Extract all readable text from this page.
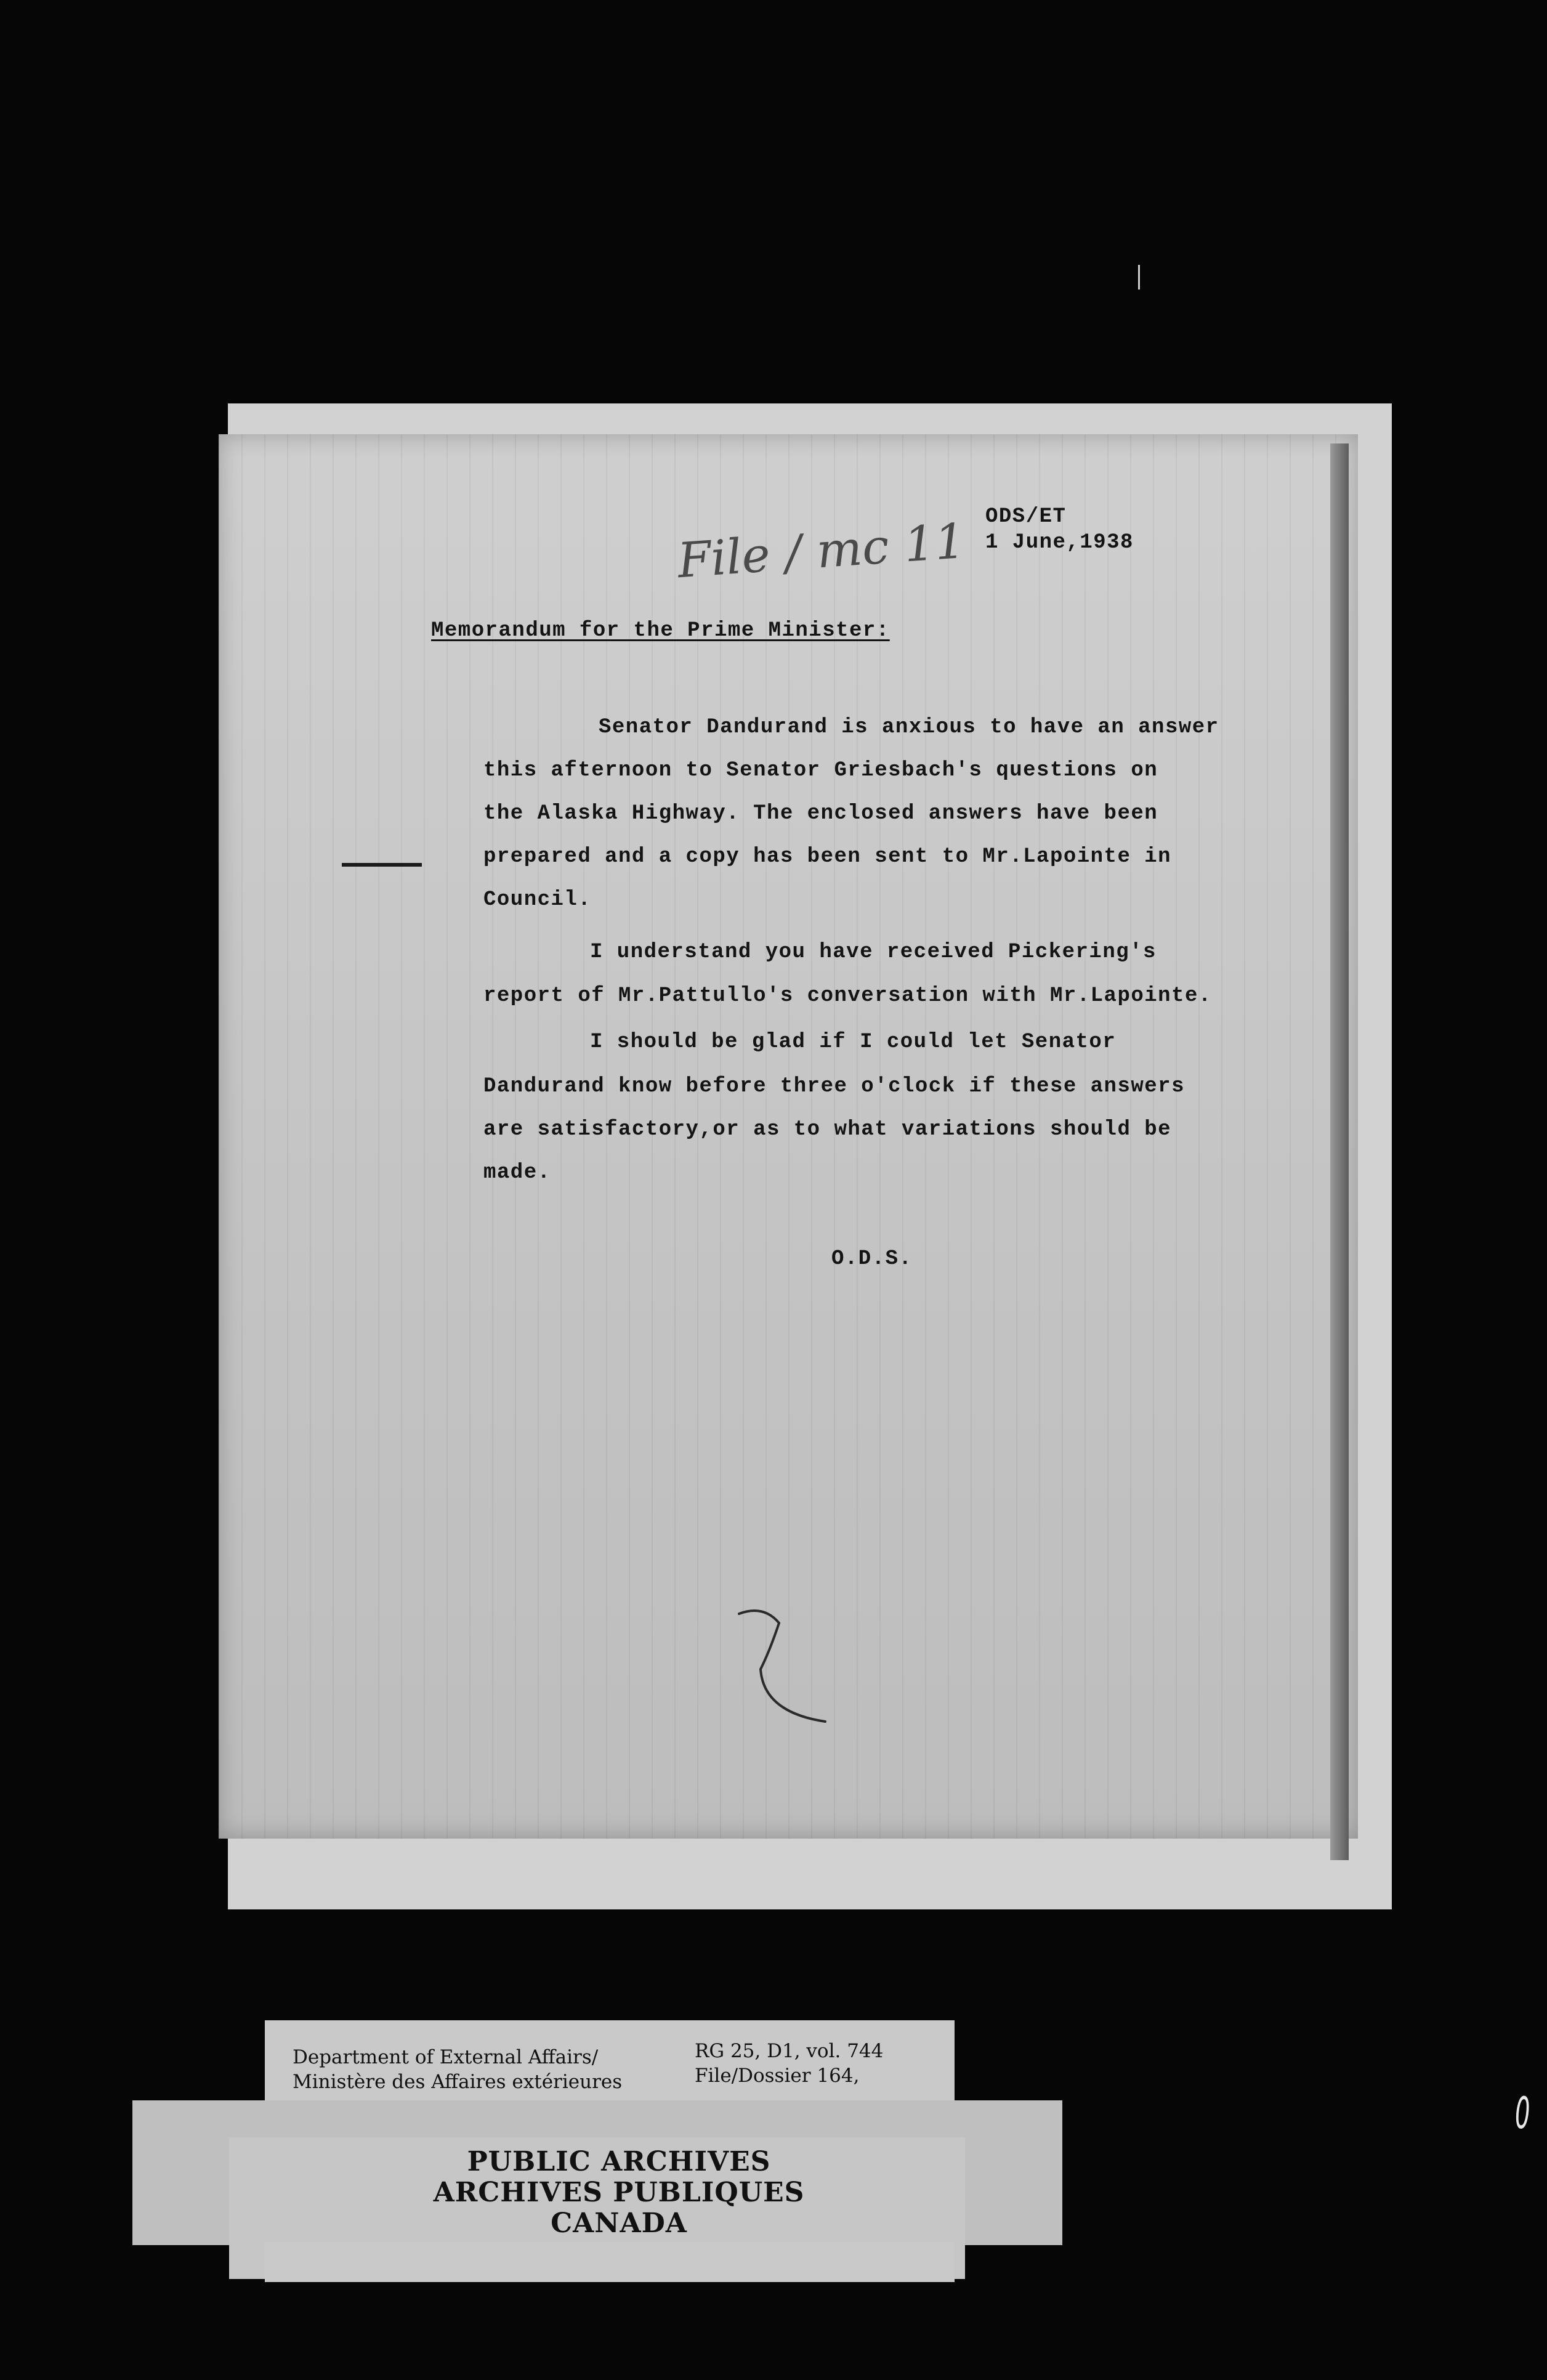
ODS/ET
1 June,1938
File / mc 11
Memorandum for the Prime Minister:
Senator Dandurand is anxious to have an answer
this afternoon to Senator Griesbach's questions on
the Alaska Highway. The enclosed answers have been
prepared and a copy has been sent to Mr.Lapointe in
Council.
I understand you have received Pickering's
report of Mr.Pattullo's conversation with Mr.Lapointe.
I should be glad if I could let Senator
Dandurand know before three o'clock if these answers
are satisfactory,or as to what variations should be
made.
O.D.S.
Department of External Affairs/
Ministère des Affaires extérieures
RG 25, D1, vol. 744
File/Dossier 164,
PUBLIC ARCHIVES
ARCHIVES PUBLIQUES
CANADA
0
